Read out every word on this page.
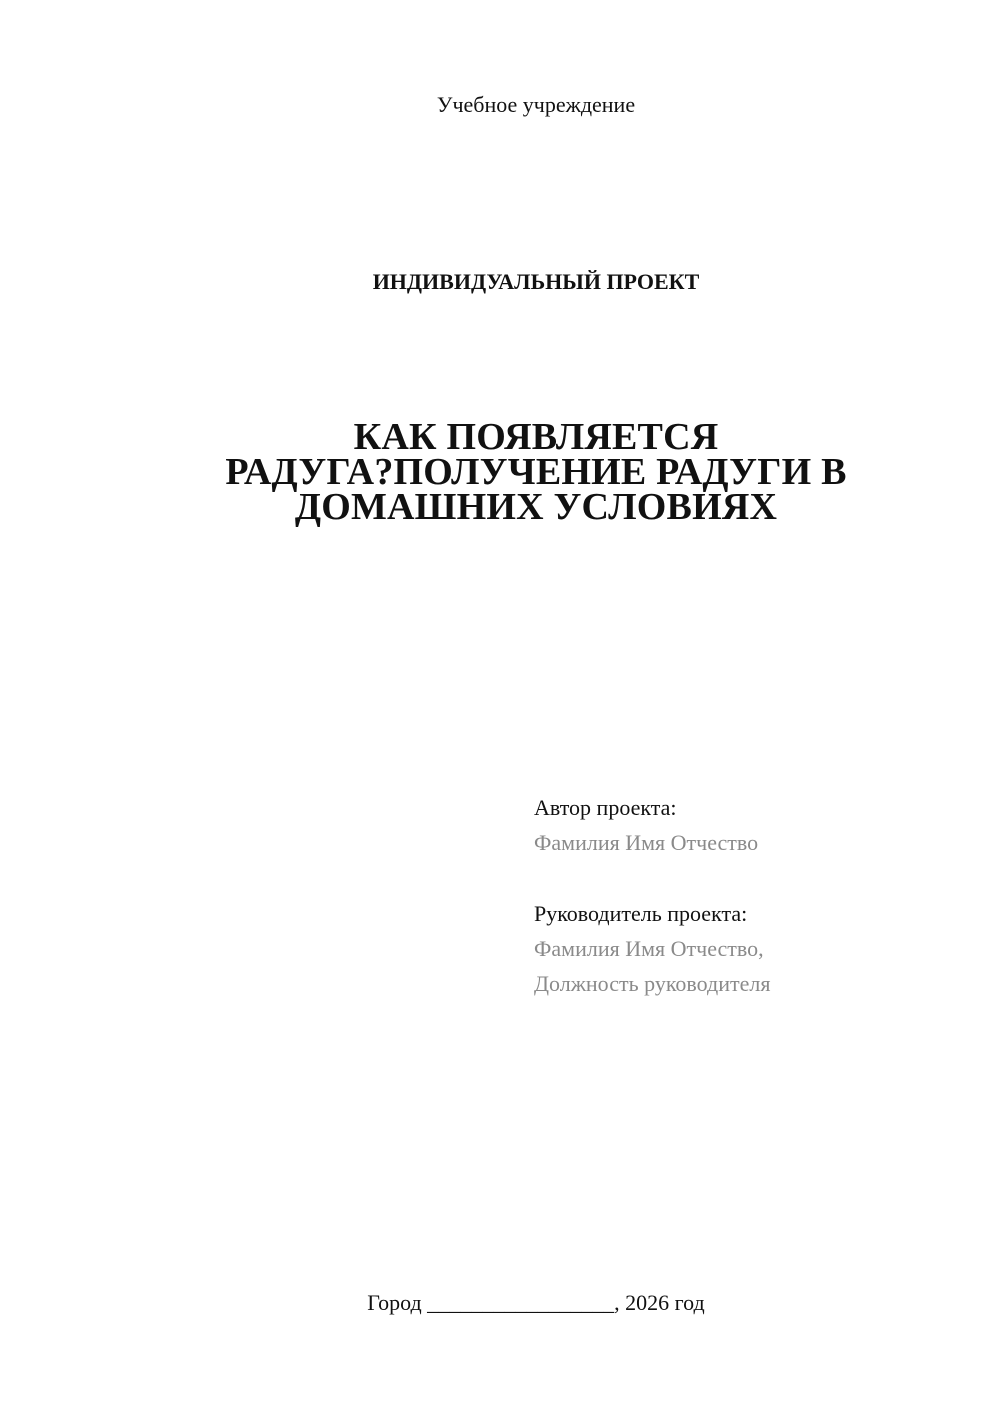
Учебное учреждение
ИНДИВИДУАЛЬНЫЙ ПРОЕКТ
КАК ПОЯВЛЯЕТСЯ
РАДУГА?ПОЛУЧЕНИЕ РАДУГИ В
ДОМАШНИХ УСЛОВИЯХ
Автор проекта:
Фамилия Имя Отчество
Руководитель проекта:
Фамилия Имя Отчество,
Должность руководителя
Город _________________, 2026 год
